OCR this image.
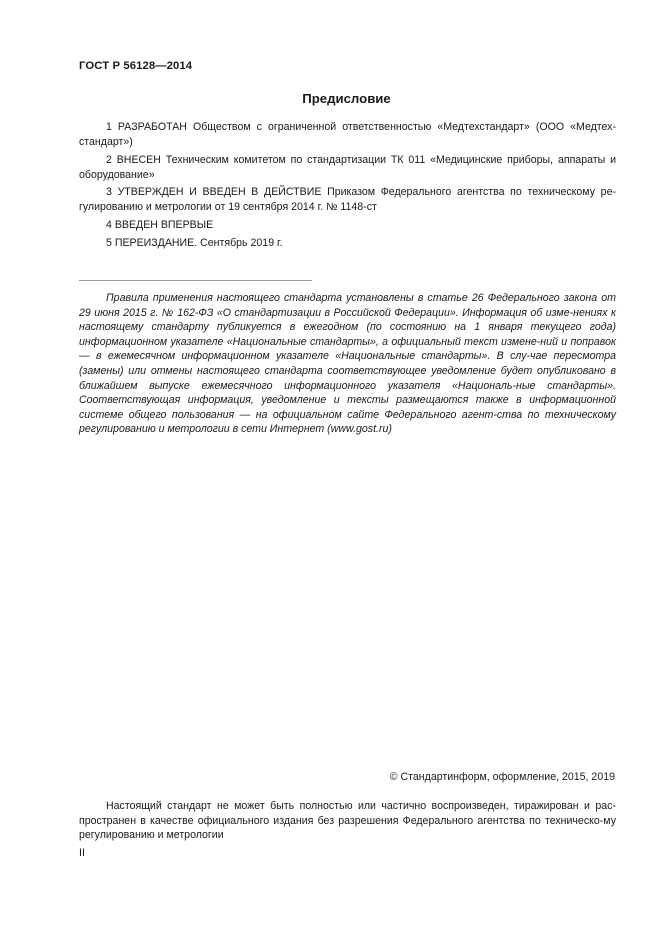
ГОСТ Р 56128—2014
Предисловие

1 РАЗРАБОТАН Обществом с ограниченной ответственностью «Медтехстандарт» (ООО «Медтех-стандарт»)

2 ВНЕСЕН Техническим комитетом по стандартизации ТК 011 «Медицинские приборы, аппараты и оборудование»

3 УТВЕРЖДЕН И ВВЕДЕН В ДЕЙСТВИЕ Приказом Федерального агентства по техническому ре-гулированию и метрологии от 19 сентября 2014 г. № 1148-ст

4 ВВЕДЕН ВПЕРВЫЕ

5 ПЕРЕИЗДАНИЕ. Сентябрь 2019 г.

Правила применения настоящего стандарта установлены в статье 26 Федерального закона от 29 июня 2015 г. № 162-ФЗ «О стандартизации в Российской Федерации». Информация об изме-нениях к настоящему стандарту публикуется в ежегодном (по состоянию на 1 января текущего года) информационном указателе «Национальные стандарты», а официальный текст измене-ний и поправок — в ежемесячном информационном указателе «Национальные стандарты». В слу-чае пересмотра (замены) или отмены настоящего стандарта соответствующее уведомление будет опубликовано в ближайшем выпуске ежемесячного информационного указателя «Националь-ные стандарты». Соответствующая информация, уведомление и тексты размещаются также в информационной системе общего пользования — на официальном сайте Федерального агент-ства по техническому регулированию и метрологии в сети Интернет (www.gost.ru)

© Стандартинформ, оформление, 2015, 2019

Настоящий стандарт не может быть полностью или частично воспроизведен, тиражирован и рас-пространен в качестве официального издания без разрешения Федерального агентства по техническо-му регулированию и метрологии

II
